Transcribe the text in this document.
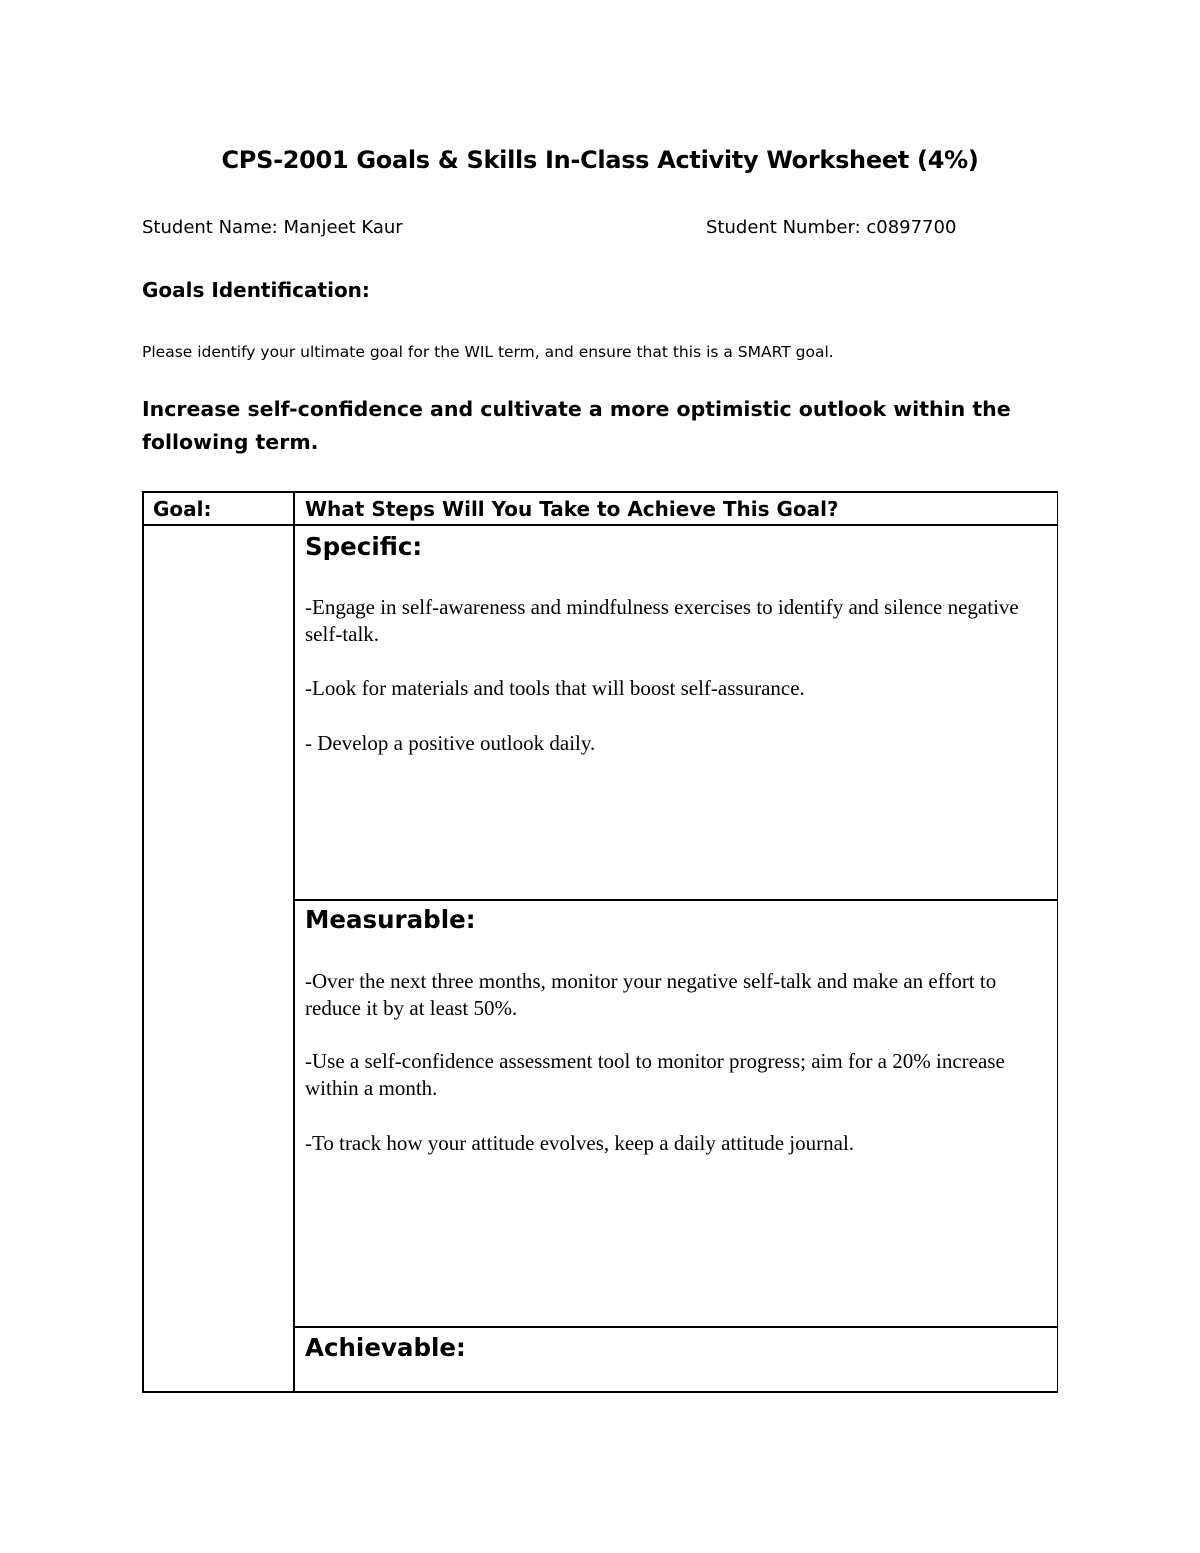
CPS-2001 Goals & Skills In-Class Activity Worksheet (4%)
Student Name: Manjeet Kaur	Student Number: c0897700
Goals Identification:
Please identify your ultimate goal for the WIL term, and ensure that this is a SMART goal.
Increase self-confidence and cultivate a more optimistic outlook within the following term.
Goal:	What Steps Will You Take to Achieve This Goal?
Specific:
-Engage in self-awareness and mindfulness exercises to identify and silence negative self-talk.
-Look for materials and tools that will boost self-assurance.
- Develop a positive outlook daily.
Measurable:
-Over the next three months, monitor your negative self-talk and make an effort to reduce it by at least 50%.
-Use a self-confidence assessment tool to monitor progress; aim for a 20% increase within a month.
-To track how your attitude evolves, keep a daily attitude journal.
Achievable:
